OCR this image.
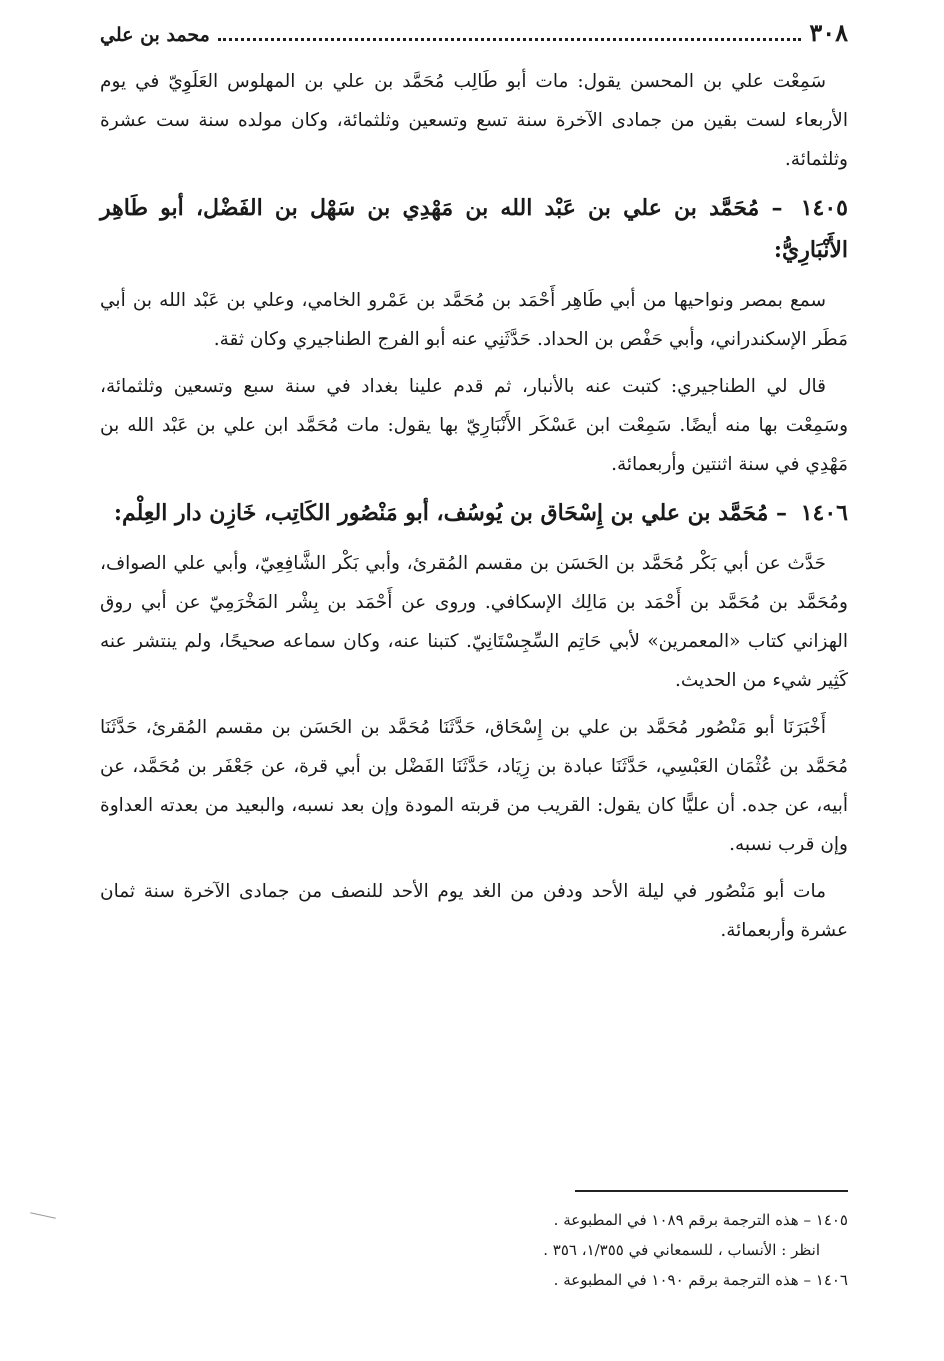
٣٠٨
محمد بن علي

سَمِعْت علي بن المحسن يقول: مات أبو طَالِب مُحَمَّد بن علي بن المهلوس العَلَوِيّ في يوم الأربعاء لست بقين من جمادى الآخرة سنة تسع وتسعين وثلثمائة، وكان مولده سنة ست عشرة وثلثمائة.

١٤٠٥ – مُحَمَّد بن علي بن عَبْد الله بن مَهْدِي بن سَهْل بن الفَضْل، أبو طَاهِر الأَنْبَارِيُّ:

سمع بمصر ونواحيها من أبي طَاهِر أَحْمَد بن مُحَمَّد بن عَمْرو الخامي، وعلي بن عَبْد الله بن أبي مَطَر الإسكندراني، وأبي حَفْص بن الحداد. حَدَّثَنِي عنه أبو الفرج الطناجيري وكان ثقة.

قال لي الطناجيري: كتبت عنه بالأنبار، ثم قدم علينا بغداد في سنة سبع وتسعين وثلثمائة، وسَمِعْت بها منه أيضًا. سَمِعْت ابن عَسْكَر الأَنْبَارِيّ بها يقول: مات مُحَمَّد ابن علي بن عَبْد الله بن مَهْدِي في سنة اثنتين وأربعمائة.

١٤٠٦ – مُحَمَّد بن علي بن إِسْحَاق بن يُوسُف، أبو مَنْصُور الكَاتِب، خَازِن دار العِلْم:

حَدَّث عن أبي بَكْر مُحَمَّد بن الحَسَن بن مقسم المُقرئ، وأبي بَكْر الشَّافِعِيّ، وأبي علي الصواف، ومُحَمَّد بن مُحَمَّد بن أَحْمَد بن مَالِك الإسكافي. وروى عن أَحْمَد بن بِشْر المَخْرَمِيّ عن أبي روق الهزاني كتاب «المعمرين» لأبي حَاتِم السِّجِسْتَانِيّ. كتبنا عنه، وكان سماعه صحيحًا، ولم ينتشر عنه كَثِير شيء من الحديث.

أَخْبَرَنَا أبو مَنْصُور مُحَمَّد بن علي بن إِسْحَاق، حَدَّثَنَا مُحَمَّد بن الحَسَن بن مقسم المُقرئ، حَدَّثَنَا مُحَمَّد بن عُثْمَان العَبْسِي، حَدَّثَنَا عبادة بن زِيَاد، حَدَّثَنَا الفَضْل بن أبي قرة، عن جَعْفَر بن مُحَمَّد، عن أبيه، عن جده. أن عليًّا كان يقول: القريب من قربته المودة وإن بعد نسبه، والبعيد من بعدته العداوة وإن قرب نسبه.

مات أبو مَنْصُور في ليلة الأحد ودفن من الغد يوم الأحد للنصف من جمادى الآخرة سنة ثمان عشرة وأربعمائة.

١٤٠٥ – هذه الترجمة برقم ١٠٨٩ في المطبوعة .
انظر : الأنساب ، للسمعاني في ١/٣٥٥، ٣٥٦ .
١٤٠٦ – هذه الترجمة برقم ١٠٩٠ في المطبوعة .
